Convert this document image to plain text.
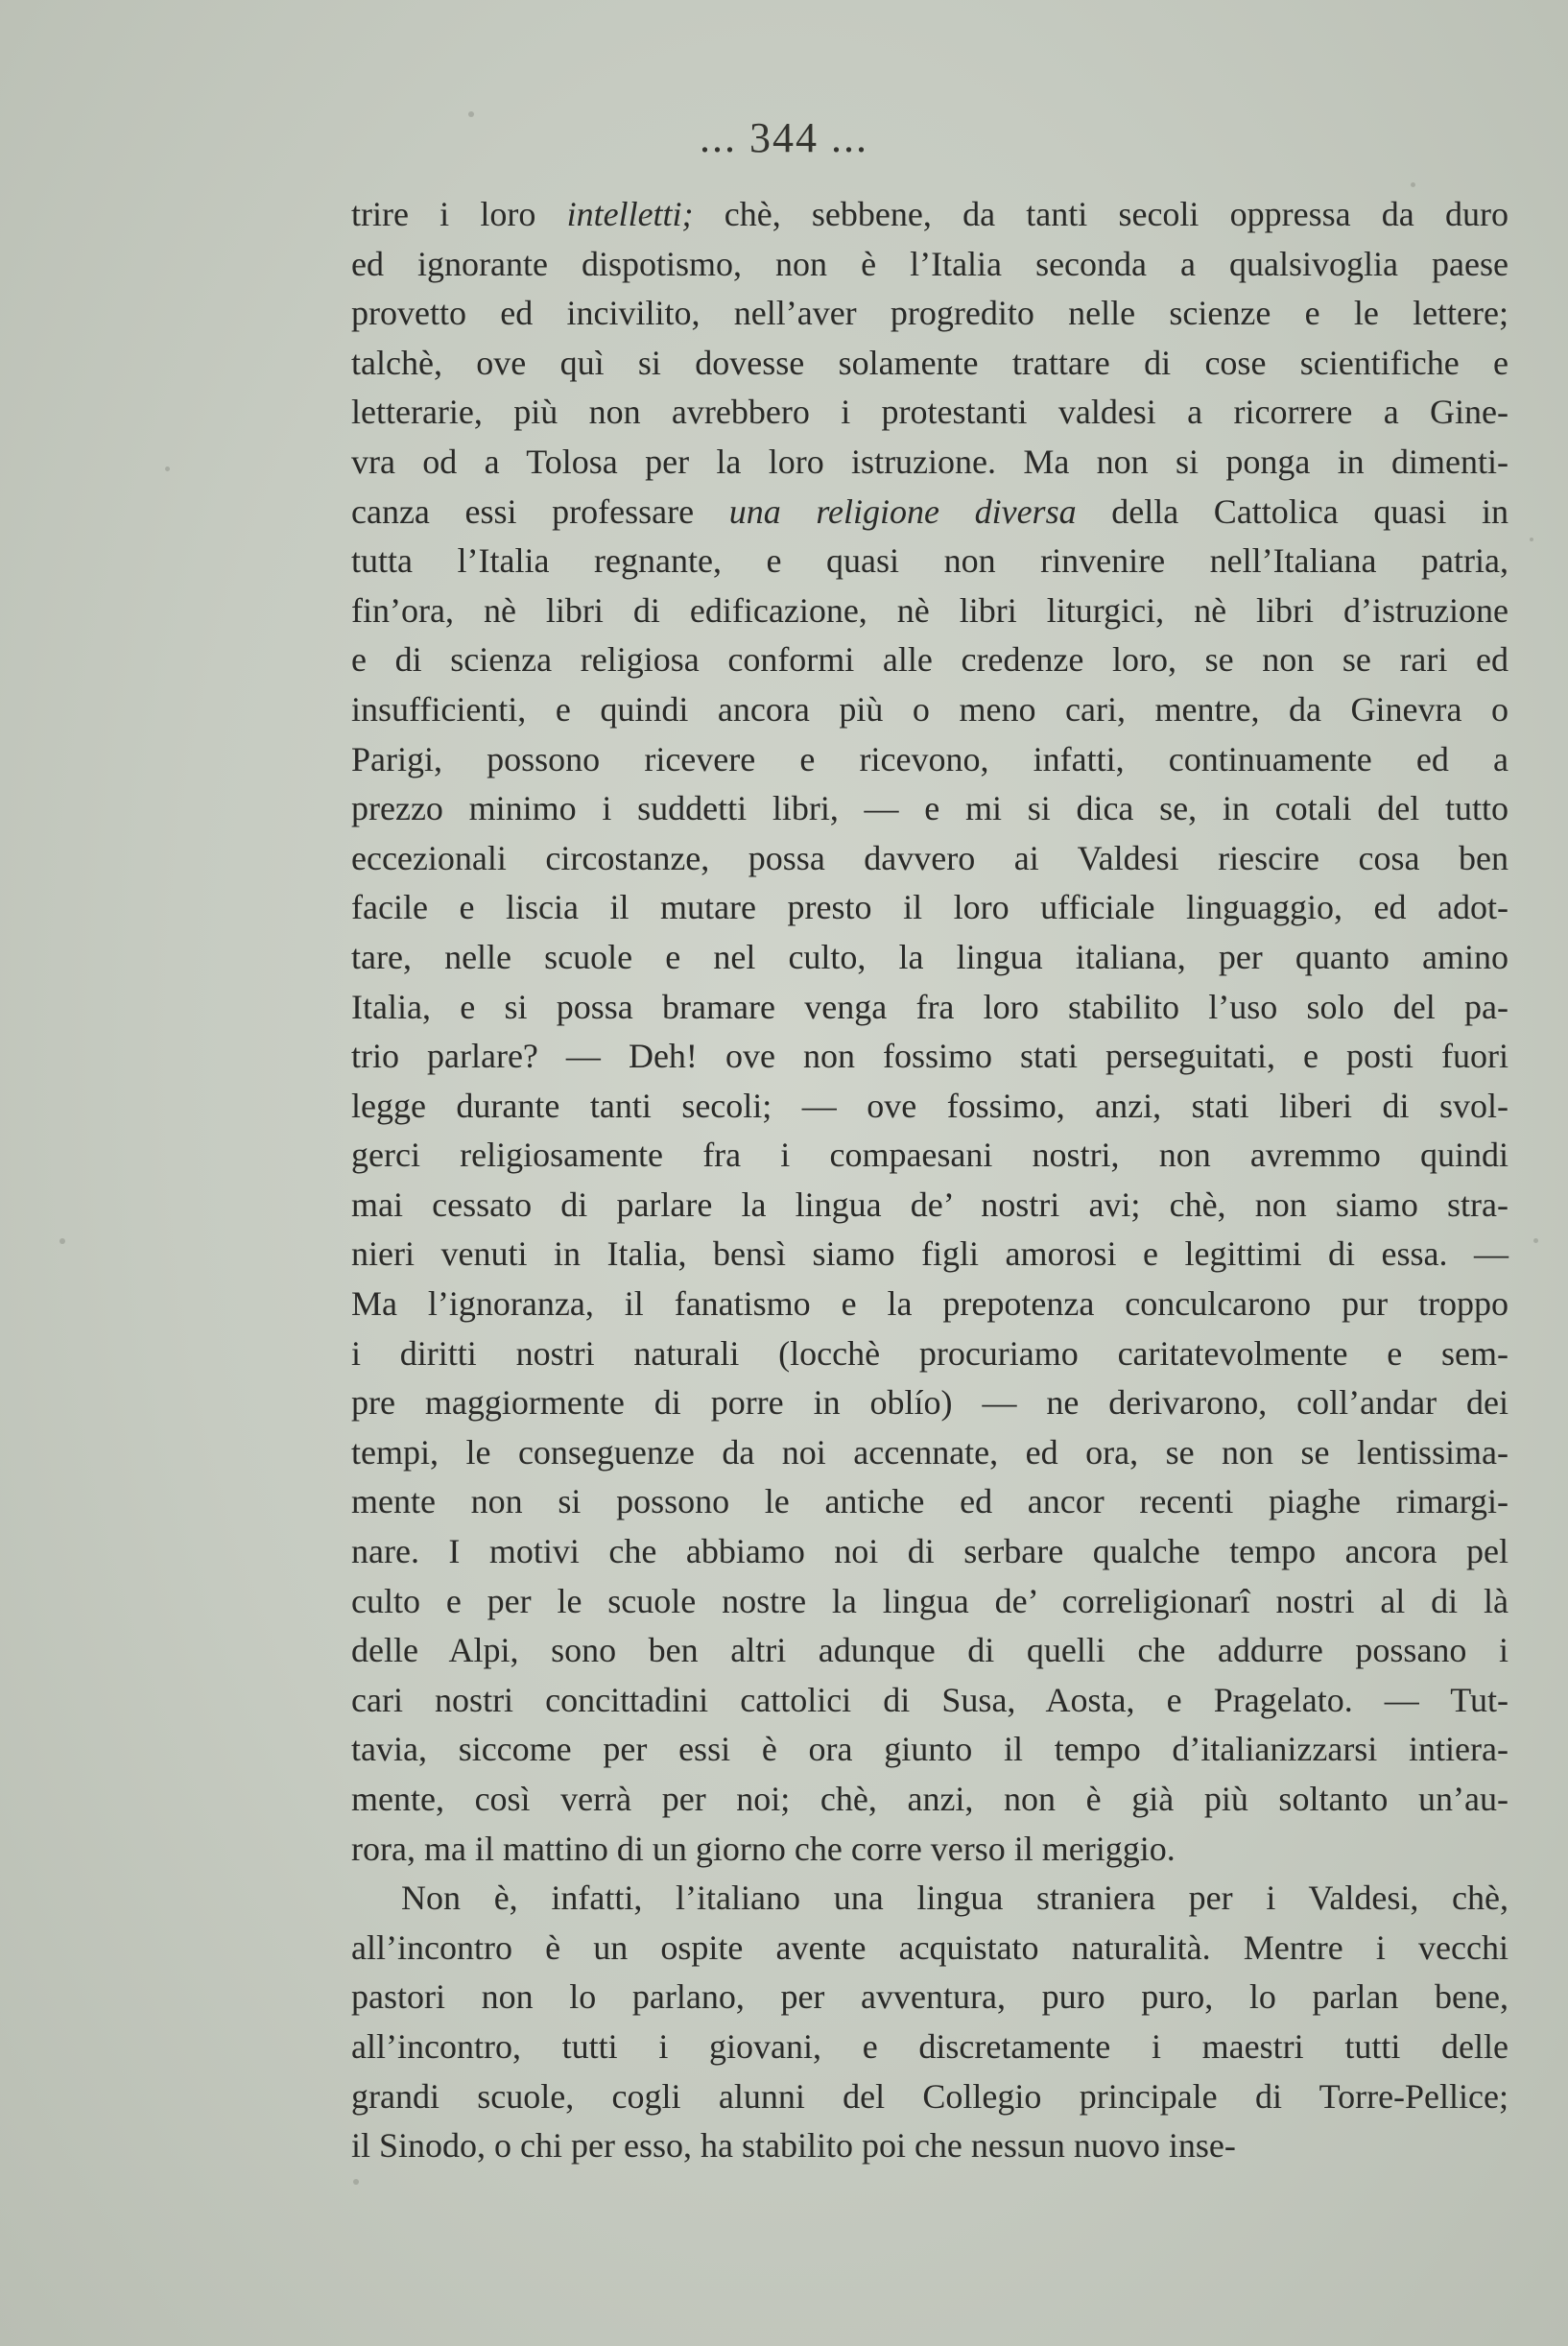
... 344 ...
trire i loro intelletti; chè, sebbene, da tanti secoli oppressa da duro
ed ignorante dispotismo, non è l’Italia seconda a qualsivoglia paese
provetto ed incivilito, nell’aver progredito nelle scienze e le lettere;
talchè, ove quì si dovesse solamente trattare di cose scientifiche e
letterarie, più non avrebbero i protestanti valdesi a ricorrere a Gine-
vra od a Tolosa per la loro istruzione. Ma non si ponga in dimenti-
canza essi professare una religione diversa della Cattolica quasi in
tutta l’Italia regnante, e quasi non rinvenire nell’Italiana patria,
fin’ora, nè libri di edificazione, nè libri liturgici, nè libri d’istruzione
e di scienza religiosa conformi alle credenze loro, se non se rari ed
insufficienti, e quindi ancora più o meno cari, mentre, da Ginevra o
Parigi, possono ricevere e ricevono, infatti, continuamente ed a
prezzo minimo i suddetti libri, — e mi si dica se, in cotali del tutto
eccezionali circostanze, possa davvero ai Valdesi riescire cosa ben
facile e liscia il mutare presto il loro ufficiale linguaggio, ed adot-
tare, nelle scuole e nel culto, la lingua italiana, per quanto amino
Italia, e si possa bramare venga fra loro stabilito l’uso solo del pa-
trio parlare? — Deh! ove non fossimo stati perseguitati, e posti fuori
legge durante tanti secoli; — ove fossimo, anzi, stati liberi di svol-
gerci religiosamente fra i compaesani nostri, non avremmo quindi
mai cessato di parlare la lingua de’ nostri avi; chè, non siamo stra-
nieri venuti in Italia, bensì siamo figli amorosi e legittimi di essa. —
Ma l’ignoranza, il fanatismo e la prepotenza conculcarono pur troppo
i diritti nostri naturali (locchè procuriamo caritatevolmente e sem-
pre maggiormente di porre in oblío) — ne derivarono, coll’andar dei
tempi, le conseguenze da noi accennate, ed ora, se non se lentissima-
mente non si possono le antiche ed ancor recenti piaghe rimargi-
nare. I motivi che abbiamo noi di serbare qualche tempo ancora pel
culto e per le scuole nostre la lingua de’ correligionarî nostri al di là
delle Alpi, sono ben altri adunque di quelli che addurre possano i
cari nostri concittadini cattolici di Susa, Aosta, e Pragelato. — Tut-
tavia, siccome per essi è ora giunto il tempo d’italianizzarsi intiera-
mente, così verrà per noi; chè, anzi, non è già più soltanto un’au-
rora, ma il mattino di un giorno che corre verso il meriggio.
Non è, infatti, l’italiano una lingua straniera per i Valdesi, chè,
all’incontro è un ospite avente acquistato naturalità. Mentre i vecchi
pastori non lo parlano, per avventura, puro puro, lo parlan bene,
all’incontro, tutti i giovani, e discretamente i maestri tutti delle
grandi scuole, cogli alunni del Collegio principale di Torre-Pellice;
il Sinodo, o chi per esso, ha stabilito poi che nessun nuovo inse-
